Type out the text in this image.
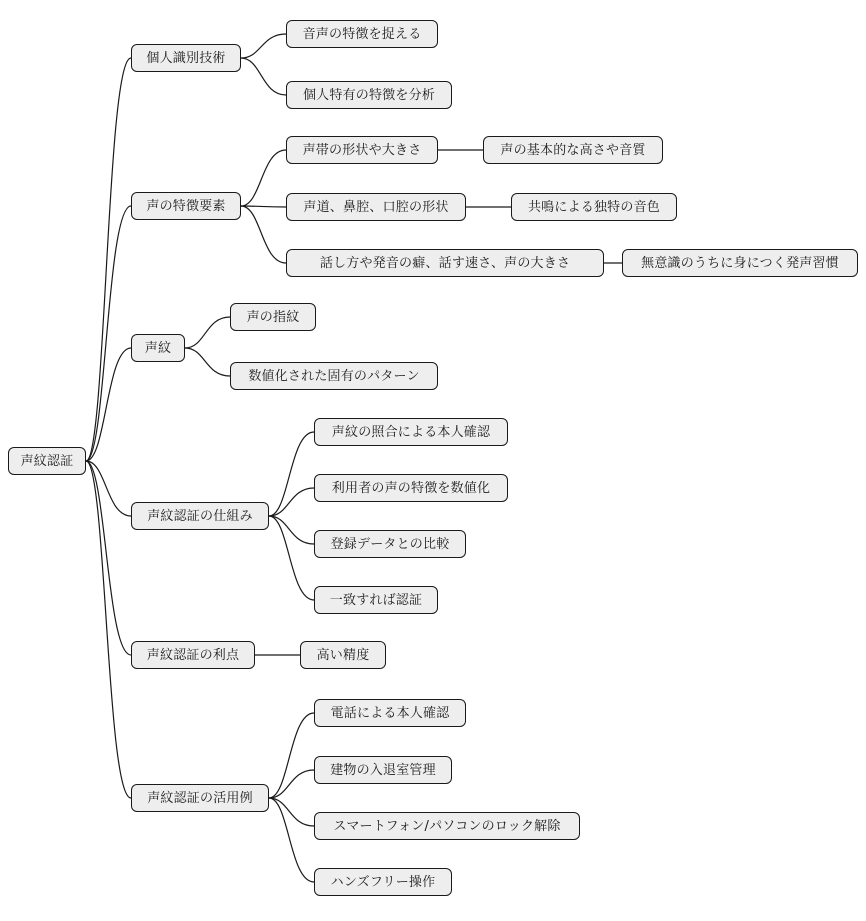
声紋認証
個人識別技術
音声の特徴を捉える
個人特有の特徴を分析
声の特徴要素
声帯の形状や大きさ	声の基本的な高さや音質
声道、鼻腔、口腔の形状	共鳴による独特の音色
話し方や発音の癖、話す速さ、声の大きさ	無意識のうちに身につく発声習慣
声紋
声の指紋
数値化された固有のパターン
声紋認証の仕組み
声紋の照合による本人確認
利用者の声の特徴を数値化
登録データとの比較
一致すれば認証
声紋認証の利点	高い精度
声紋認証の活用例
電話による本人確認
建物の入退室管理
スマートフォン/パソコンのロック解除
ハンズフリー操作
